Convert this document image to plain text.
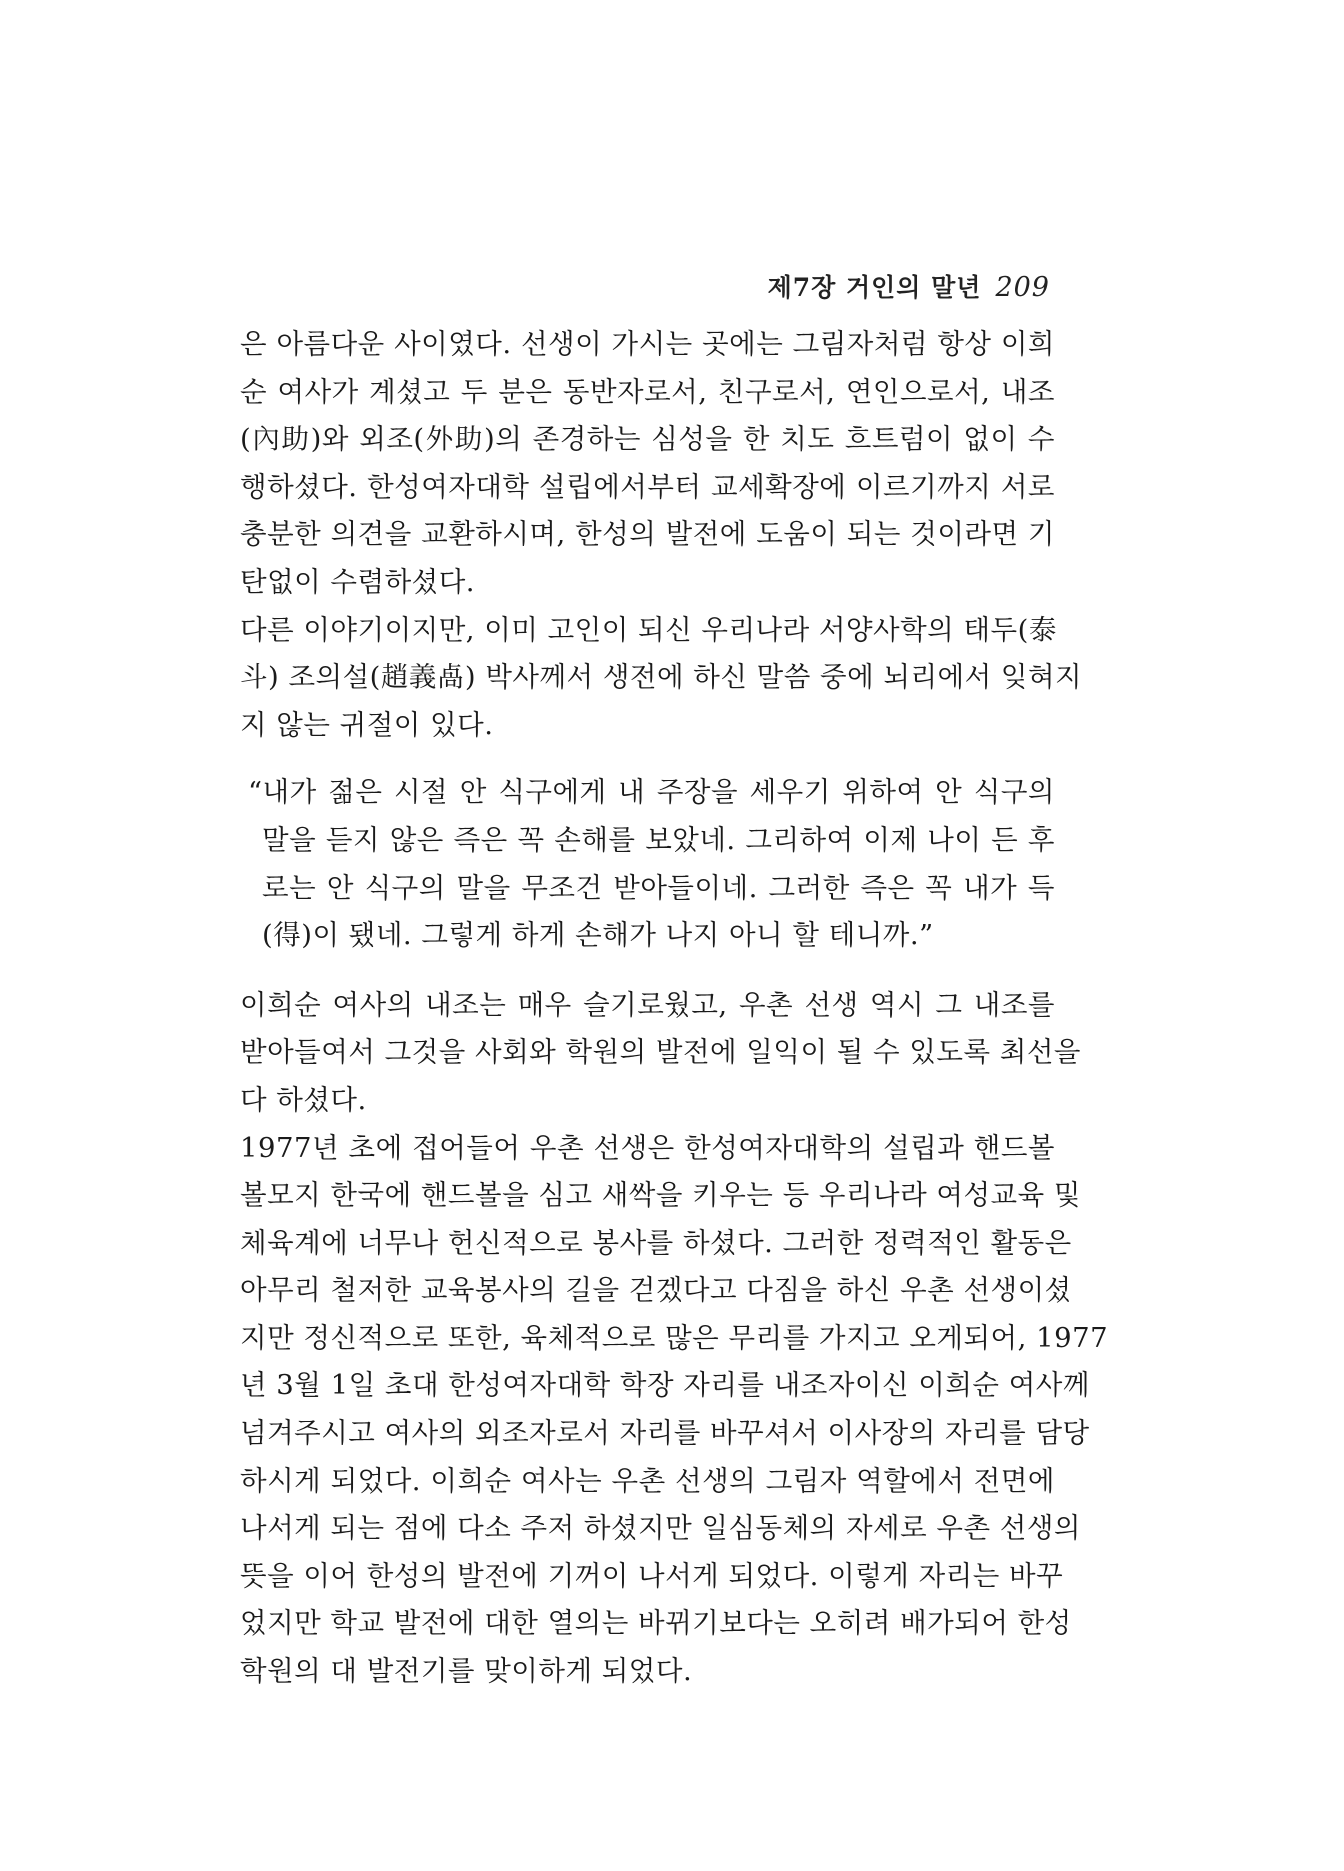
제7장 거인의 말년 209
은 아름다운 사이였다. 선생이 가시는 곳에는 그림자처럼 항상 이희
순 여사가 계셨고 두 분은 동반자로서, 친구로서, 연인으로서, 내조
(內助)와 외조(外助)의 존경하는 심성을 한 치도 흐트럼이 없이 수
행하셨다. 한성여자대학 설립에서부터 교세확장에 이르기까지 서로
충분한 의견을 교환하시며, 한성의 발전에 도움이 되는 것이라면 기
탄없이 수렴하셨다.
다른 이야기이지만, 이미 고인이 되신 우리나라 서양사학의 태두(泰
斗) 조의설(趙義卨) 박사께서 생전에 하신 말씀 중에 뇌리에서 잊혀지
지 않는 귀절이 있다.
“내가 젊은 시절 안 식구에게 내 주장을 세우기 위하여 안 식구의
말을 듣지 않은 즉은 꼭 손해를 보았네. 그리하여 이제 나이 든 후
로는 안 식구의 말을 무조건 받아들이네. 그러한 즉은 꼭 내가 득
(得)이 됐네. 그렇게 하게 손해가 나지 아니 할 테니까.”
이희순 여사의 내조는 매우 슬기로웠고, 우촌 선생 역시 그 내조를
받아들여서 그것을 사회와 학원의 발전에 일익이 될 수 있도록 최선을
다 하셨다.
1977년 초에 접어들어 우촌 선생은 한성여자대학의 설립과 핸드볼
볼모지 한국에 핸드볼을 심고 새싹을 키우는 등 우리나라 여성교육 및
체육계에 너무나 헌신적으로 봉사를 하셨다. 그러한 정력적인 활동은
아무리 철저한 교육봉사의 길을 걷겠다고 다짐을 하신 우촌 선생이셨
지만 정신적으로 또한, 육체적으로 많은 무리를 가지고 오게되어, 1977
년 3월 1일 초대 한성여자대학 학장 자리를 내조자이신 이희순 여사께
넘겨주시고 여사의 외조자로서 자리를 바꾸셔서 이사장의 자리를 담당
하시게 되었다. 이희순 여사는 우촌 선생의 그림자 역할에서 전면에
나서게 되는 점에 다소 주저 하셨지만 일심동체의 자세로 우촌 선생의
뜻을 이어 한성의 발전에 기꺼이 나서게 되었다. 이렇게 자리는 바꾸
었지만 학교 발전에 대한 열의는 바뀌기보다는 오히려 배가되어 한성
학원의 대 발전기를 맞이하게 되었다.
